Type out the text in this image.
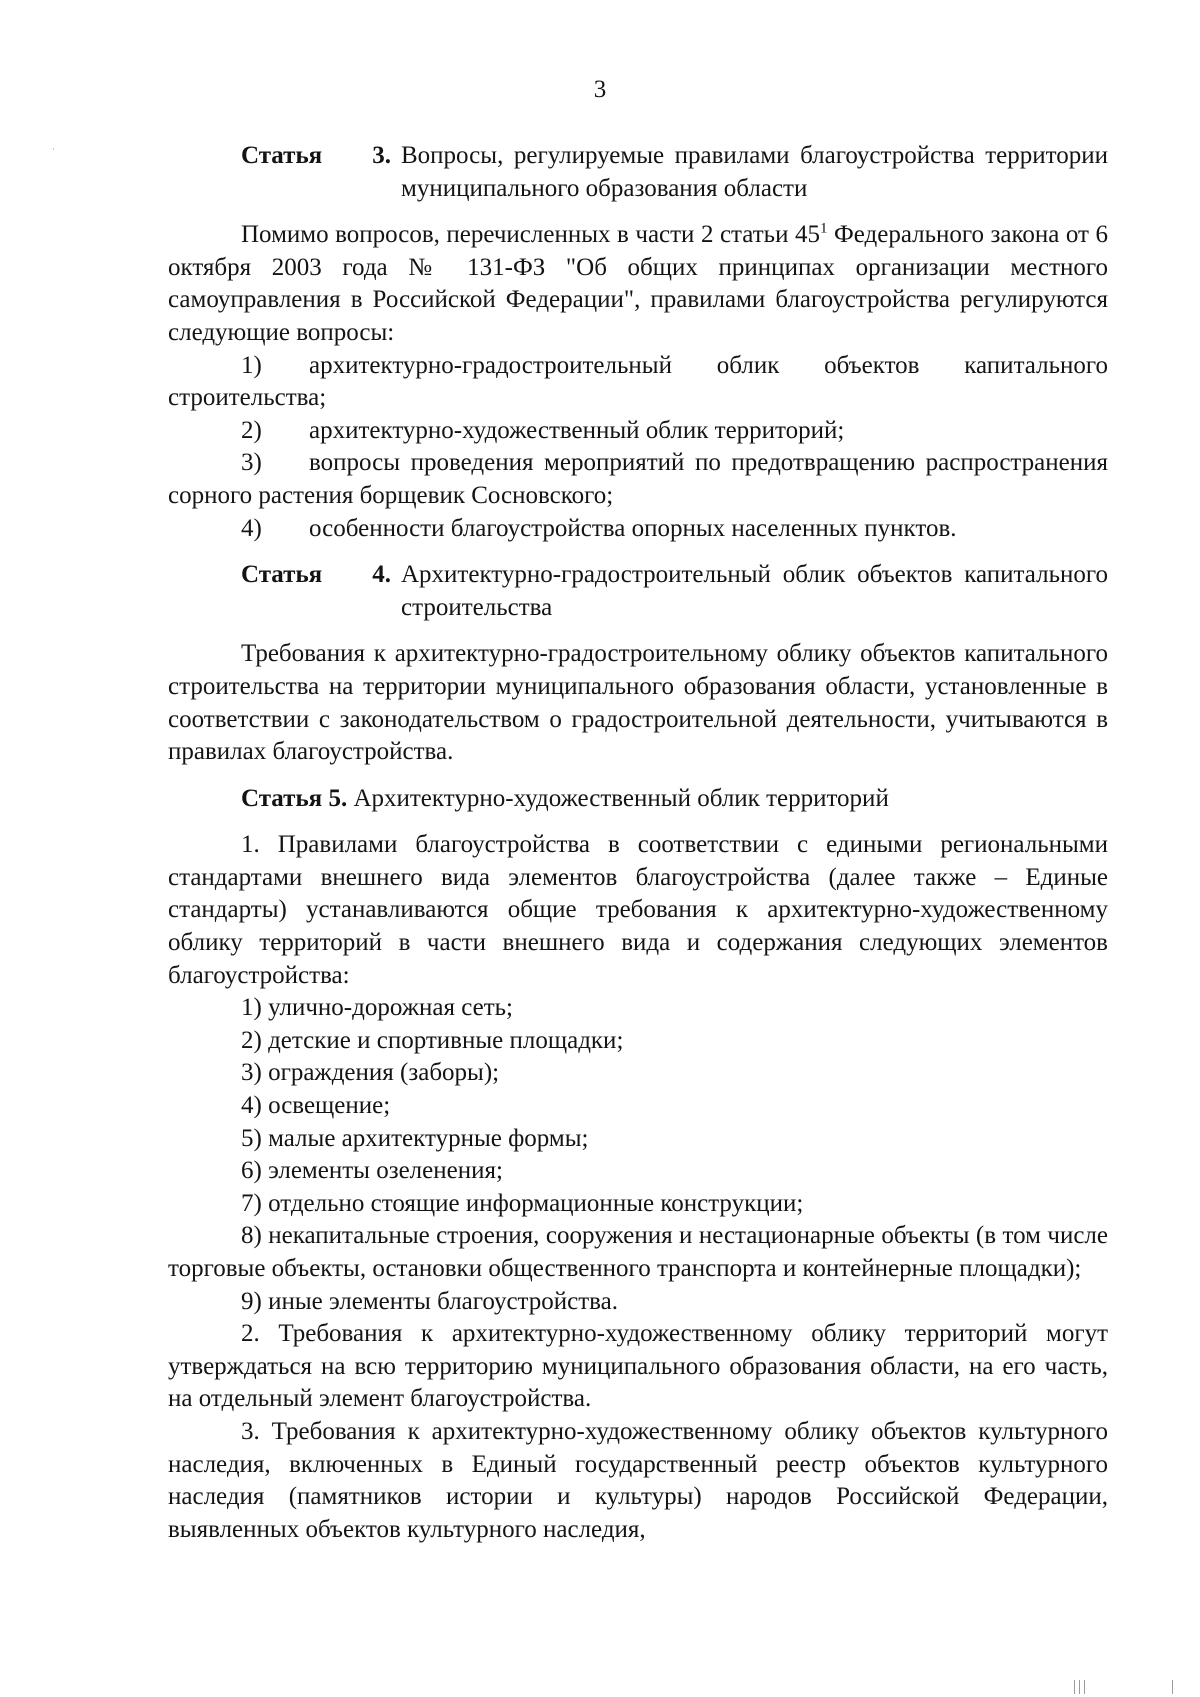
3
Статья 3. Вопросы, регулируемые правилами благоустройства территории муниципального образования области

Помимо вопросов, перечисленных в части 2 статьи $45^1$ Федерального закона от 6 октября 2003 года № 131-ФЗ "Об общих принципах организации местного самоуправления в Российской Федерации", правилами благоустройства регулируются следующие вопросы:

1) архитектурно-градостроительный облик объектов капитального строительства;

2) архитектурно-художественный облик территорий;

3) вопросы проведения мероприятий по предотвращению распространения сорного растения борщевик Сосновского;

4) особенности благоустройства опорных населенных пунктов.

Статья 4. Архитектурно-градостроительный облик объектов капитального строительства

Требования к архитектурно-градостроительному облику объектов капитального строительства на территории муниципального образования области, установленные в соответствии с законодательством о градостроительной деятельности, учитываются в правилах благоустройства.

Статья 5. Архитектурно-художественный облик территорий

1. Правилами благоустройства в соответствии с едиными региональными стандартами внешнего вида элементов благоустройства (далее также – Единые стандарты) устанавливаются общие требования к архитектурно-художественному облику территорий в части внешнего вида и содержания следующих элементов благоустройства:

1) улично-дорожная сеть;

2) детские и спортивные площадки;

3) ограждения (заборы);

4) освещение;

5) малые архитектурные формы;

6) элементы озеленения;

7) отдельно стоящие информационные конструкции;

8) некапитальные строения, сооружения и нестационарные объекты (в том числе торговые объекты, остановки общественного транспорта и контейнерные площадки);

9) иные элементы благоустройства.

2. Требования к архитектурно-художественному облику территорий могут утверждаться на всю территорию муниципального образования области, на его часть, на отдельный элемент благоустройства.

3. Требования к архитектурно-художественному облику объектов культурного наследия, включенных в Единый государственный реестр объектов культурного наследия (памятников истории и культуры) народов Российской Федерации, выявленных объектов культурного наследия,
